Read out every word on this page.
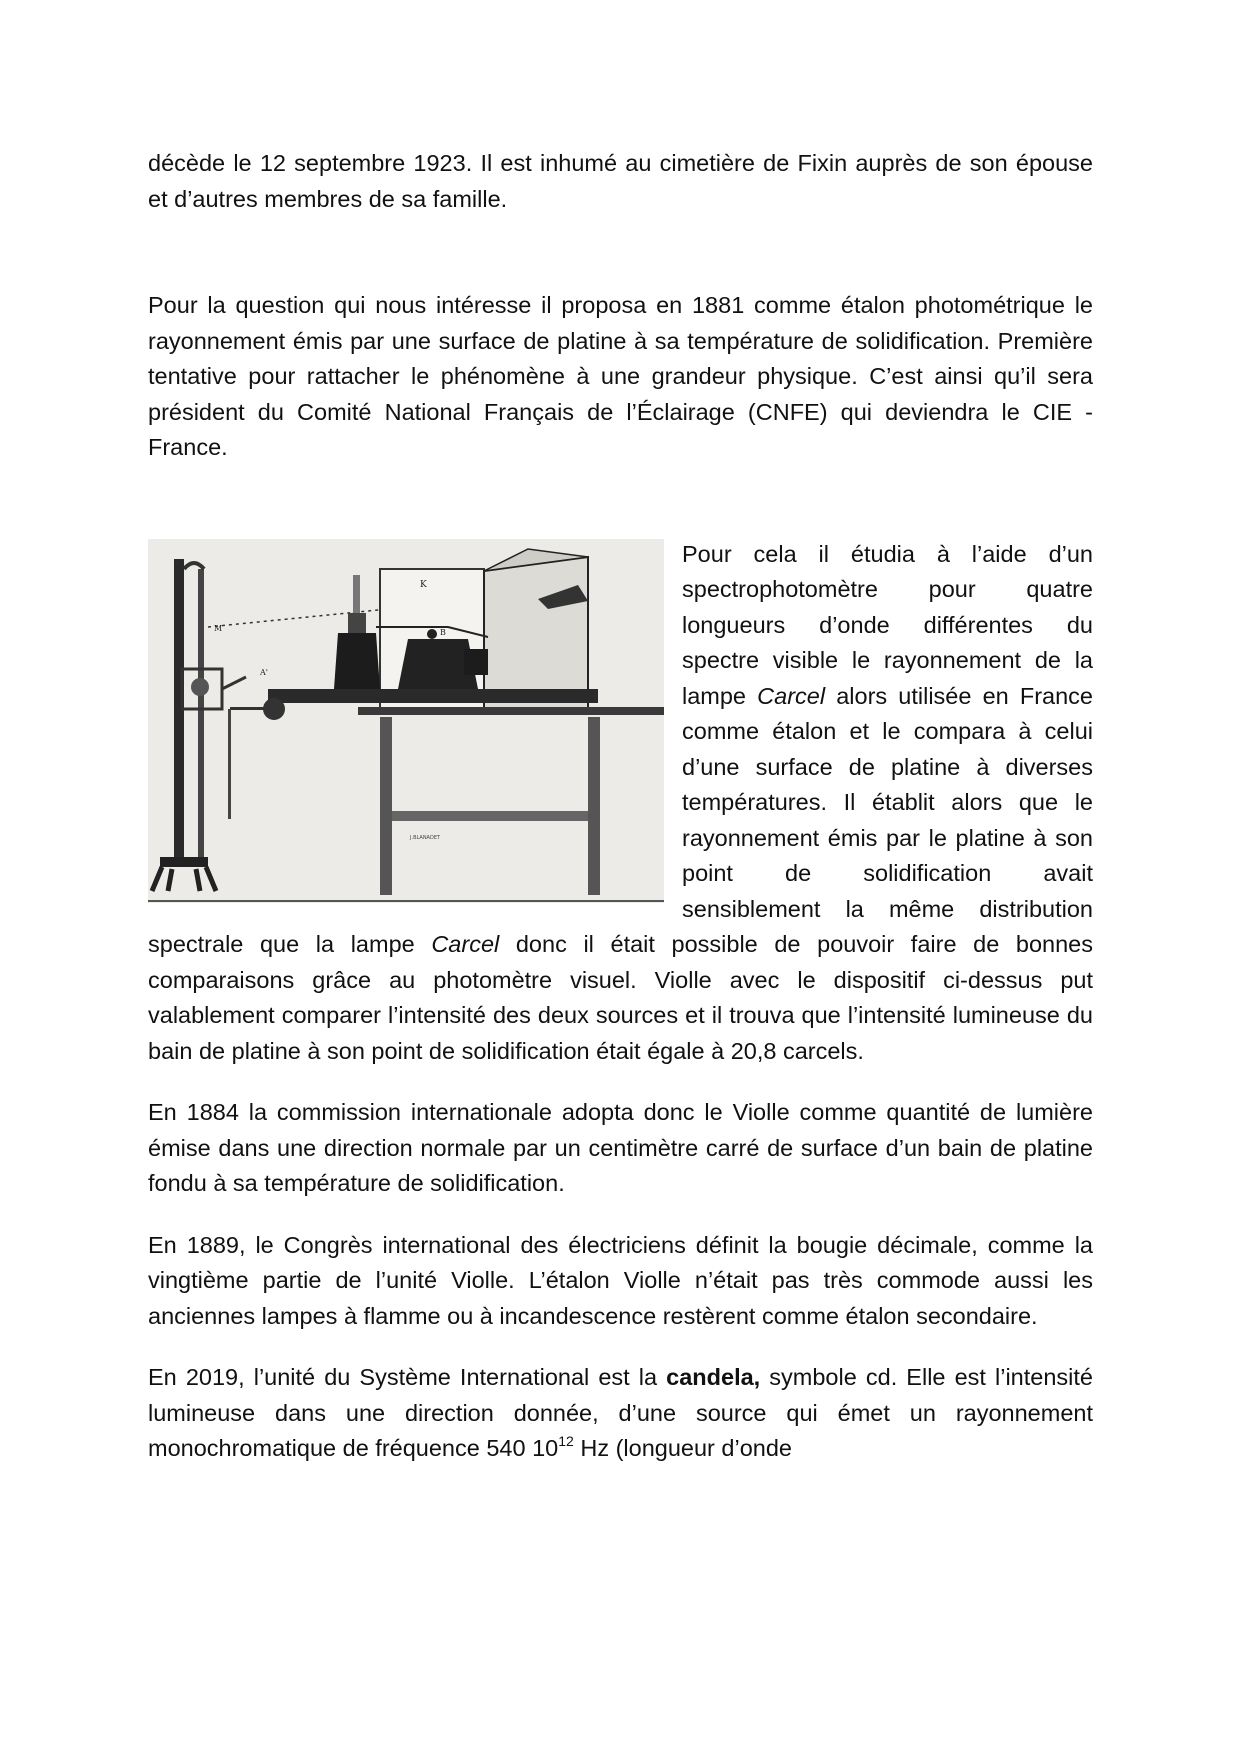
décède le 12 septembre 1923. Il est inhumé au cimetière de Fixin auprès de son épouse et d’autres membres de sa famille.

Pour la question qui nous intéresse il proposa en 1881 comme étalon photométrique le rayonnement émis par une surface de platine à sa température de solidification. Première tentative pour rattacher le phénomène à une grandeur physique. C’est ainsi qu’il sera président du Comité National Français de l’Éclairage (CNFE) qui deviendra le CIE -France.

K
M	B
A'
J.BLANADET

Pour cela il étudia à l’aide d’un spectrophotomètre pour quatre longueurs d’onde différentes du spectre visible le rayonnement de la lampe Carcel alors utilisée en France comme étalon et le compara à celui d’une surface de platine à diverses températures. Il établit alors que le rayonnement émis par le platine à son point de solidification avait sensiblement la même distribution spectrale que la lampe Carcel donc il était possible de pouvoir faire de bonnes comparaisons grâce au photomètre visuel. Violle avec le dispositif ci-dessus put valablement comparer l’intensité des deux sources et il trouva que l’intensité lumineuse du bain de platine à son point de solidification était égale à 20,8 carcels.

En 1884 la commission internationale adopta donc le Violle comme quantité de lumière émise dans une direction normale par un centimètre carré de surface d’un bain de platine fondu à sa température de solidification.

En 1889, le Congrès international des électriciens définit la bougie décimale, comme la vingtième partie de l’unité Violle. L’étalon Violle n’était pas très commode aussi les anciennes lampes à flamme ou à incandescence restèrent comme étalon secondaire.

En 2019, l’unité du Système International est la candela, symbole cd. Elle est l’intensité lumineuse dans une direction donnée, d’une source qui émet un rayonnement monochromatique de fréquence 540 $10^{12}$ Hz (longueur d’onde
